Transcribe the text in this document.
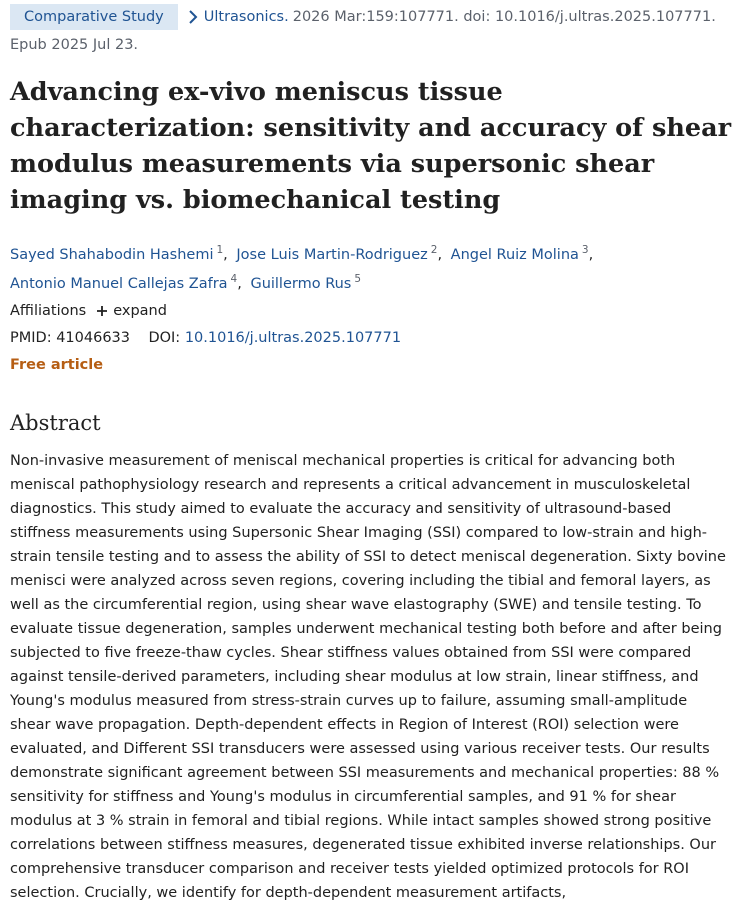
Comparative Study	Ultrasonics. 2026 Mar:159:107771. doi: 10.1016/j.ultras.2025.107771.
Epub 2025 Jul 23.
Advancing ex-vivo meniscus tissue characterization: sensitivity and accuracy of shear modulus measurements via supersonic shear imaging vs. biomechanical testing
Sayed Shahabodin Hashemi $^1$, Jose Luis Martin-Rodriguez $^2$, Angel Ruiz Molina $^3$,
Antonio Manuel Callejas Zafra $^4$, Guillermo Rus $^5$
Affiliations expand
PMID: 41046633 DOI: 10.1016/j.ultras.2025.107771
Free article
Abstract

Non-invasive measurement of meniscal mechanical properties is critical for advancing both meniscal pathophysiology research and represents a critical advancement in musculoskeletal diagnostics. This study aimed to evaluate the accuracy and sensitivity of ultrasound-based stiffness measurements using Supersonic Shear Imaging (SSI) compared to low-strain and high-strain tensile testing and to assess the ability of SSI to detect meniscal degeneration. Sixty bovine menisci were analyzed across seven regions, covering including the tibial and femoral layers, as well as the circumferential region, using shear wave elastography (SWE) and tensile testing. To evaluate tissue degeneration, samples underwent mechanical testing both before and after being subjected to five freeze-thaw cycles. Shear stiffness values obtained from SSI were compared against tensile-derived parameters, including shear modulus at low strain, linear stiffness, and Young's modulus measured from stress-strain curves up to failure, assuming small-amplitude shear wave propagation. Depth-dependent effects in Region of Interest (ROI) selection were evaluated, and Different SSI transducers were assessed using various receiver tests. Our results demonstrate significant agreement between SSI measurements and mechanical properties: 88 % sensitivity for stiffness and Young's modulus in circumferential samples, and 91 % for shear modulus at 3 % strain in femoral and tibial regions. While intact samples showed strong positive correlations between stiffness measures, degenerated tissue exhibited inverse relationships. Our comprehensive transducer comparison and receiver tests yielded optimized protocols for ROI selection. Crucially, we identify for depth-dependent measurement artifacts,
